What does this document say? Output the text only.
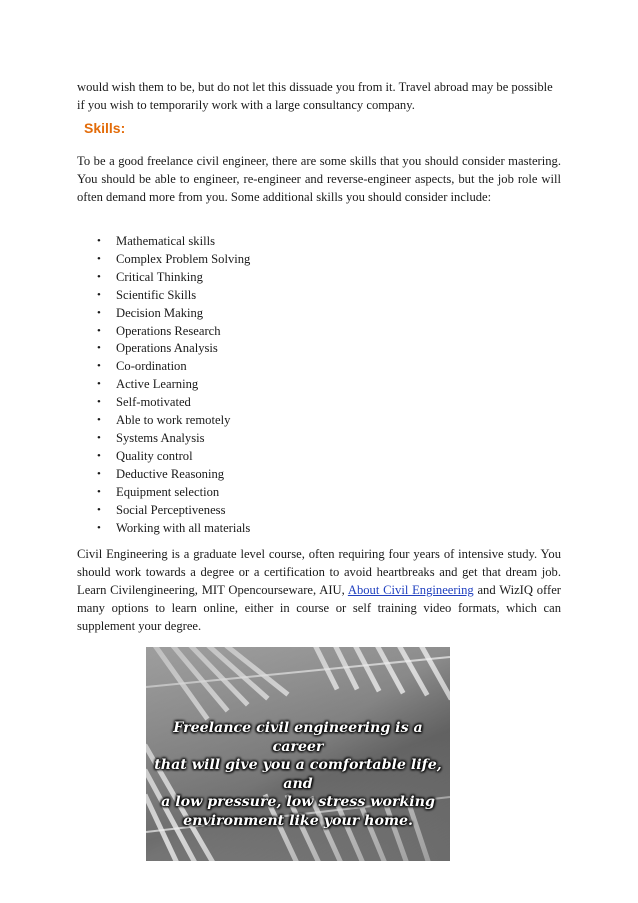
would wish them to be, but do not let this dissuade you from it. Travel abroad may be possible if you wish to temporarily work with a large consultancy company.

Skills:

To be a good freelance civil engineer, there are some skills that you should consider mastering. You should be able to engineer, re-engineer and reverse-engineer aspects, but the job role will often demand more from you. Some additional skills you should consider include:

• Mathematical skills
• Complex Problem Solving
• Critical Thinking
• Scientific Skills
• Decision Making
• Operations Research
• Operations Analysis
• Co-ordination
• Active Learning
• Self-motivated
• Able to work remotely
• Systems Analysis
• Quality control
• Deductive Reasoning
• Equipment selection
• Social Perceptiveness
• Working with all materials

Civil Engineering is a graduate level course, often requiring four years of intensive study. You should work towards a degree or a certification to avoid heartbreaks and get that dream job. Learn Civilengineering, MIT Opencourseware, AIU, About Civil Engineering and WizIQ offer many options to learn online, either in course or self training video formats, which can supplement your degree.

Freelance civil engineering is a career
that will give you a comfortable life, and
a low pressure, low stress working
environment like your home.
